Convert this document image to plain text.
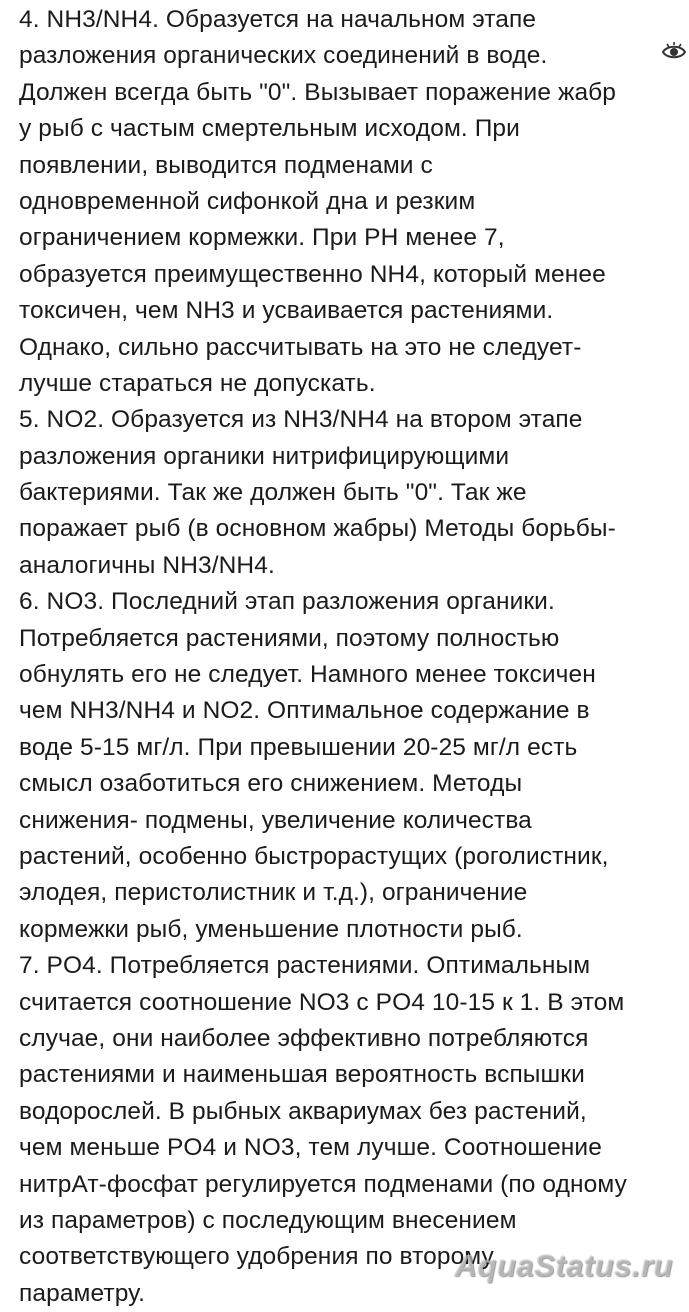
4. NH3/NH4. Образуется на начальном этапе
разложения органических соединений в воде.
Должен всегда быть "0". Вызывает поражение жабр
у рыб с частым смертельным исходом. При
появлении, выводится подменами с
одновременной сифонкой дна и резким
ограничением кормежки. При PH менее 7,
образуется преимущественно NH4, который менее
токсичен, чем NH3 и усваивается растениями.
Однако, сильно рассчитывать на это не следует-
лучше стараться не допускать.
5. NO2. Образуется из NH3/NH4 на втором этапе
разложения органики нитрифицирующими
бактериями. Так же должен быть "0". Так же
поражает рыб (в основном жабры) Методы борьбы-
аналогичны NH3/NH4.
6. NO3. Последний этап разложения органики.
Потребляется растениями, поэтому полностью
обнулять его не следует. Намного менее токсичен
чем NH3/NH4 и NO2. Оптимальное содержание в
воде 5-15 мг/л. При превышении 20-25 мг/л есть
смысл озаботиться его снижением. Методы
снижения- подмены, увеличение количества
растений, особенно быстрорастущих (роголистник,
элодея, перистолистник и т.д.), ограничение
кормежки рыб, уменьшение плотности рыб.
7. PO4. Потребляется растениями. Оптимальным
считается соотношение NO3 с PO4 10-15 к 1. В этом
случае, они наиболее эффективно потребляются
растениями и наименьшая вероятность вспышки
водорослей. В рыбных аквариумах без растений,
чем меньше PO4 и NO3, тем лучше. Соотношение
нитрАт-фосфат регулируется подменами (по одному
из параметров) с последующим внесением
соответствующего удобрения по второму
параметру.
AquaStatus.ru
